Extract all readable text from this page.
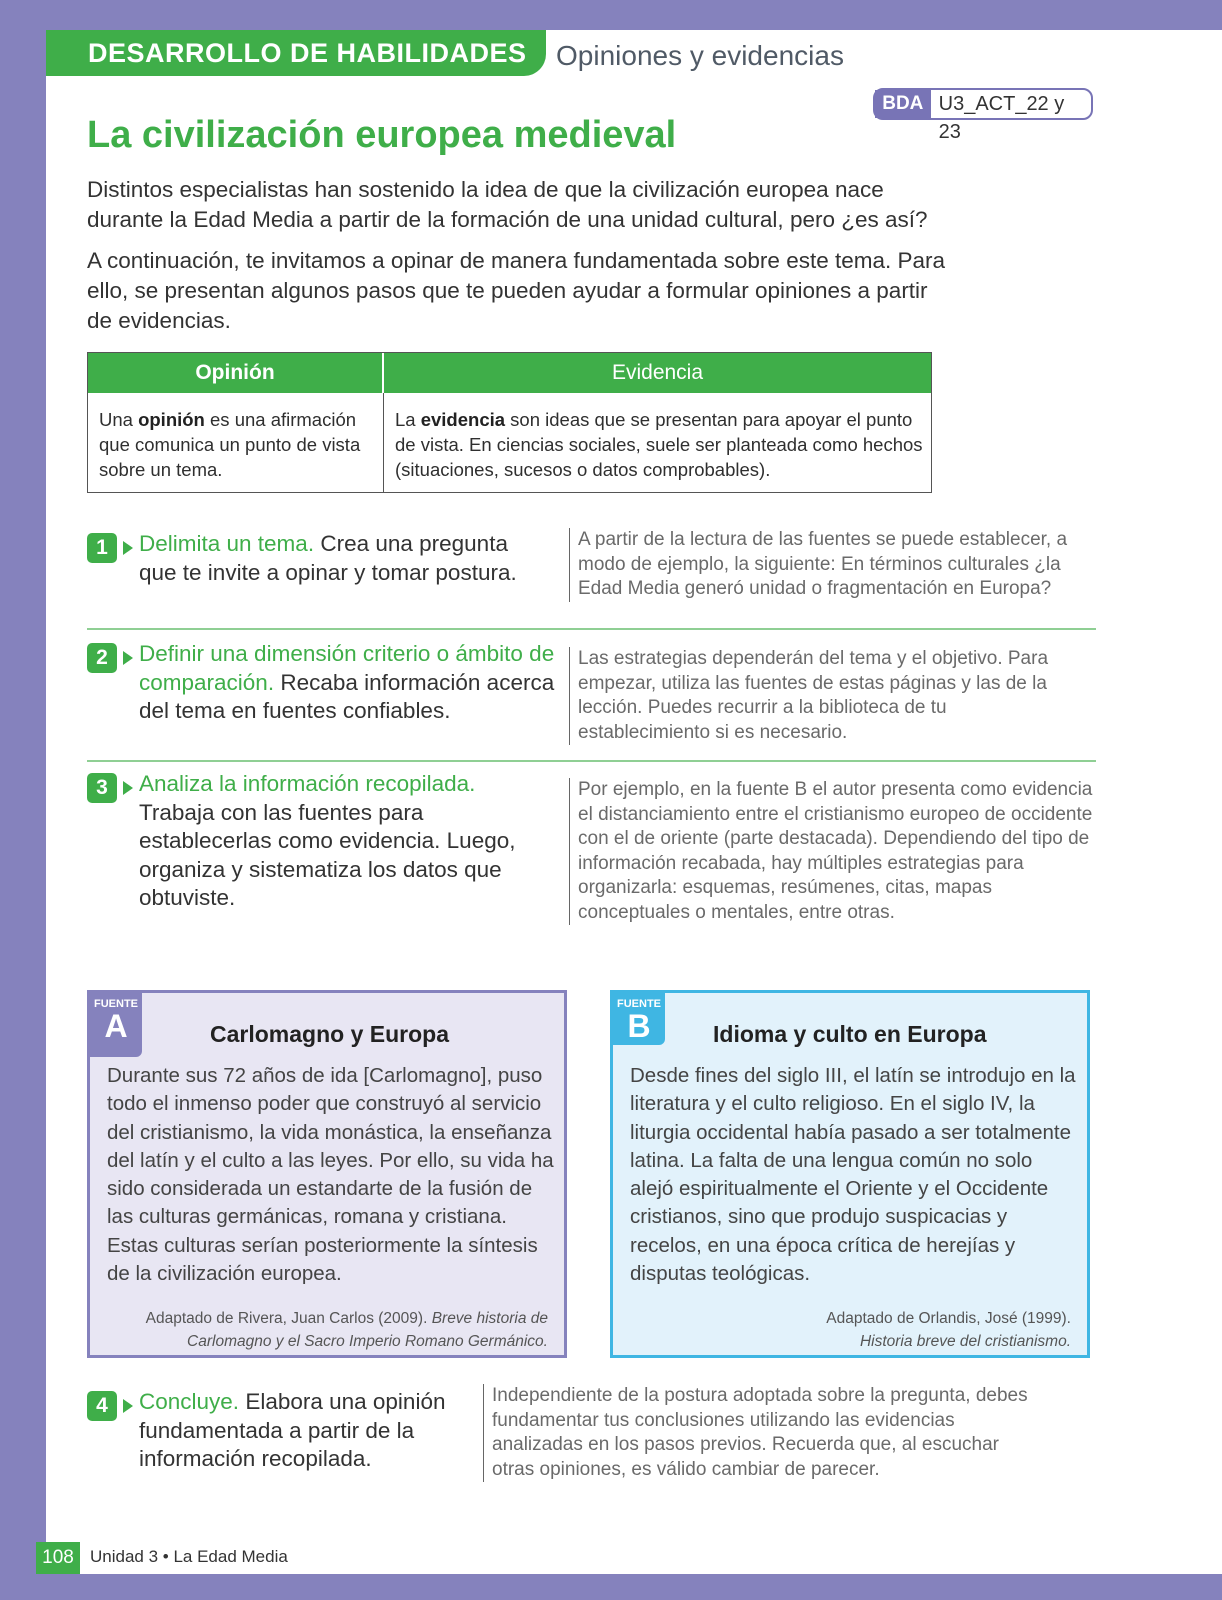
DESARROLLO DE HABILIDADES	Opiniones y evidencias
BDA U3_ACT_22 y 23
La civilización europea medieval

Distintos especialistas han sostenido la idea de que la civilización europea nace durante la Edad Media a partir de la formación de una unidad cultural, pero ¿es así?

A continuación, te invitamos a opinar de manera fundamentada sobre este tema. Para ello, se presentan algunos pasos que te pueden ayudar a formular opiniones a partir de evidencias.

Opinión	Evidencia
Una opinión es una afirmación que comunica un punto de vista sobre un tema.
La evidencia son ideas que se presentan para apoyar el punto de vista. En ciencias sociales, suele ser planteada como hechos (situaciones, sucesos o datos comprobables).
1	Delimita un tema. Crea una pregunta que te invite a opinar y tomar postura.

A partir de la lectura de las fuentes se puede establecer, a modo de ejemplo, la siguiente: En términos culturales ¿la Edad Media generó unidad o fragmentación en Europa?

2	Definir una dimensión criterio o ámbito de comparación. Recaba información acerca del tema en fuentes confiables.

Las estrategias dependerán del tema y el objetivo. Para empezar, utiliza las fuentes de estas páginas y las de la lección. Puedes recurrir a la biblioteca de tu establecimiento si es necesario.

3	Analiza la información recopilada. Trabaja con las fuentes para establecerlas como evidencia. Luego, organiza y sistematiza los datos que obtuviste.

Por ejemplo, en la fuente B el autor presenta como evidencia el distanciamiento entre el cristianismo europeo de occidente con el de oriente (parte destacada). Dependiendo del tipo de información recabada, hay múltiples estrategias para organizarla: esquemas, resúmenes, citas, mapas conceptuales o mentales, entre otras.

FUENTE
A	Carlomagno y Europa

Durante sus 72 años de ida [Carlomagno], puso todo el inmenso poder que construyó al servicio del cristianismo, la vida monástica, la enseñanza del latín y el culto a las leyes. Por ello, su vida ha sido considerada un estandarte de la fusión de las culturas germánicas, romana y cristiana. Estas culturas serían posteriormente la síntesis de la civilización europea.

Adaptado de Rivera, Juan Carlos (2009). Breve historia de Carlomagno y el Sacro Imperio Romano Germánico.

FUENTE
B	Idioma y culto en Europa

Desde fines del siglo III, el latín se introdujo en la literatura y el culto religioso. En el siglo IV, la liturgia occidental había pasado a ser totalmente latina. La falta de una lengua común no solo alejó espiritualmente el Oriente y el Occidente cristianos, sino que produjo suspicacias y recelos, en una época crítica de herejías y disputas teológicas.

Adaptado de Orlandis, José (1999).
Historia breve del cristianismo.

4	Concluye. Elabora una opinión fundamentada a partir de la información recopilada.

Independiente de la postura adoptada sobre la pregunta, debes fundamentar tus conclusiones utilizando las evidencias analizadas en los pasos previos. Recuerda que, al escuchar otras opiniones, es válido cambiar de parecer.

108 Unidad 3 • La Edad Media
